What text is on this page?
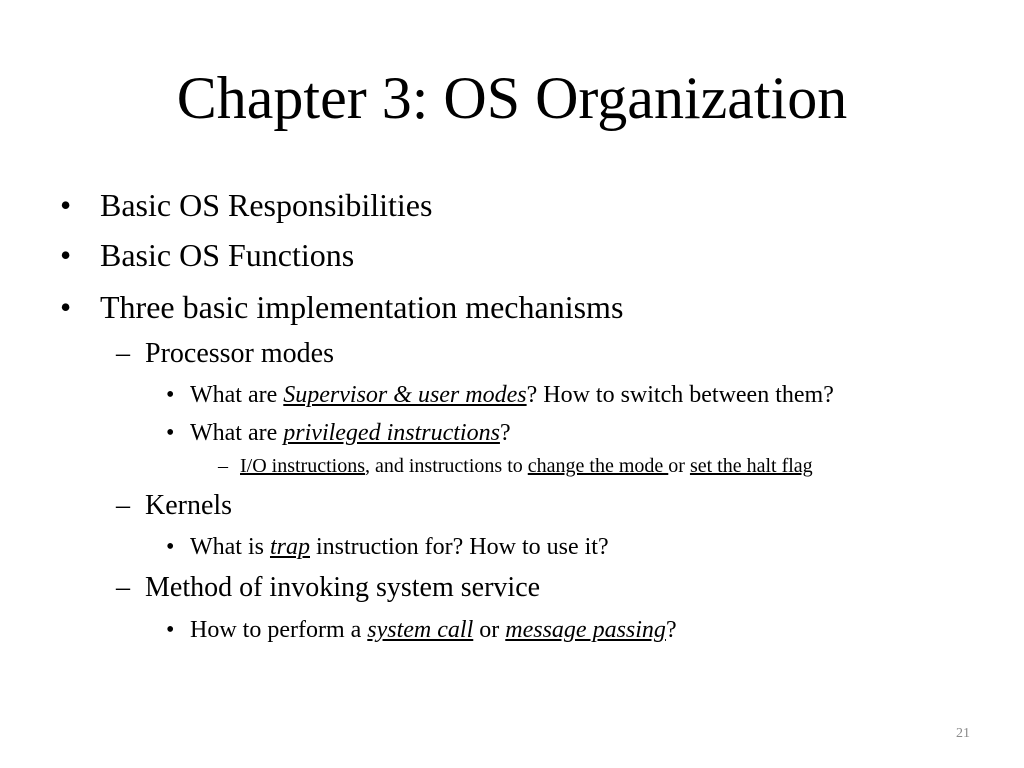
Chapter 3: OS Organization
• Basic OS Responsibilities
• Basic OS Functions
• Three basic implementation mechanisms
– Processor modes
• What are Supervisor & user modes? How to switch between them?
• What are privileged instructions?
– I/O instructions, and instructions to change the mode or set the halt flag
– Kernels
• What is trap instruction for? How to use it?
– Method of invoking system service
• How to perform a system call or message passing?
21
